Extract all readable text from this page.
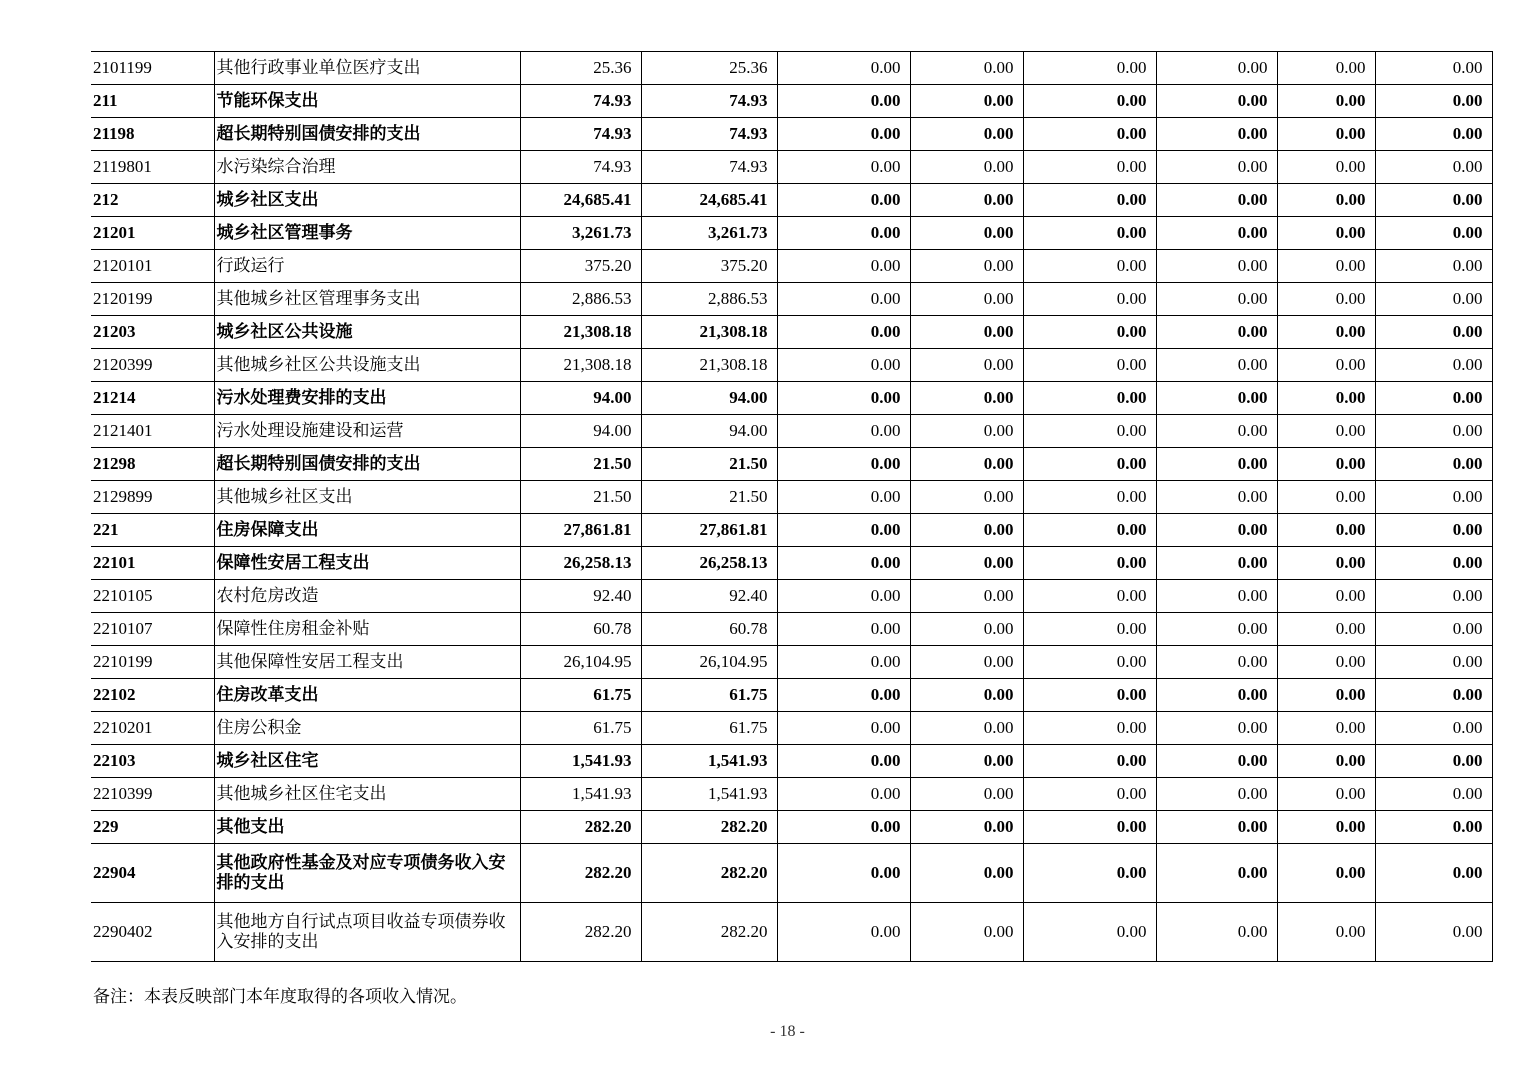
2101199	其他行政事业单位医疗支出	25.36	25.36	0.00	0.00	0.00	0.00	0.00	0.00
211	节能环保支出	74.93	74.93	0.00	0.00	0.00	0.00	0.00	0.00
21198	超长期特别国债安排的支出	74.93	74.93	0.00	0.00	0.00	0.00	0.00	0.00
2119801	水污染综合治理	74.93	74.93	0.00	0.00	0.00	0.00	0.00	0.00
212	城乡社区支出	24,685.41	24,685.41	0.00	0.00	0.00	0.00	0.00	0.00
21201	城乡社区管理事务	3,261.73	3,261.73	0.00	0.00	0.00	0.00	0.00	0.00
2120101	行政运行	375.20	375.20	0.00	0.00	0.00	0.00	0.00	0.00
2120199	其他城乡社区管理事务支出	2,886.53	2,886.53	0.00	0.00	0.00	0.00	0.00	0.00
21203	城乡社区公共设施	21,308.18	21,308.18	0.00	0.00	0.00	0.00	0.00	0.00
2120399	其他城乡社区公共设施支出	21,308.18	21,308.18	0.00	0.00	0.00	0.00	0.00	0.00
21214	污水处理费安排的支出	94.00	94.00	0.00	0.00	0.00	0.00	0.00	0.00
2121401	污水处理设施建设和运营	94.00	94.00	0.00	0.00	0.00	0.00	0.00	0.00
21298	超长期特别国债安排的支出	21.50	21.50	0.00	0.00	0.00	0.00	0.00	0.00
2129899	其他城乡社区支出	21.50	21.50	0.00	0.00	0.00	0.00	0.00	0.00
221	住房保障支出	27,861.81	27,861.81	0.00	0.00	0.00	0.00	0.00	0.00
22101	保障性安居工程支出	26,258.13	26,258.13	0.00	0.00	0.00	0.00	0.00	0.00
2210105	农村危房改造	92.40	92.40	0.00	0.00	0.00	0.00	0.00	0.00
2210107	保障性住房租金补贴	60.78	60.78	0.00	0.00	0.00	0.00	0.00	0.00
2210199	其他保障性安居工程支出	26,104.95	26,104.95	0.00	0.00	0.00	0.00	0.00	0.00
22102	住房改革支出	61.75	61.75	0.00	0.00	0.00	0.00	0.00	0.00
2210201	住房公积金	61.75	61.75	0.00	0.00	0.00	0.00	0.00	0.00
22103	城乡社区住宅	1,541.93	1,541.93	0.00	0.00	0.00	0.00	0.00	0.00
2210399	其他城乡社区住宅支出	1,541.93	1,541.93	0.00	0.00	0.00	0.00	0.00	0.00
229	其他支出	282.20	282.20	0.00	0.00	0.00	0.00	0.00	0.00
22904	其他政府性基金及对应专项债务收入安排的支出	282.20	282.20	0.00	0.00	0.00	0.00	0.00	0.00
2290402	其他地方自行试点项目收益专项债券收入安排的支出	282.20	282.20	0.00	0.00	0.00	0.00	0.00	0.00
备注：本表反映部门本年度取得的各项收入情况。
- 18 -
